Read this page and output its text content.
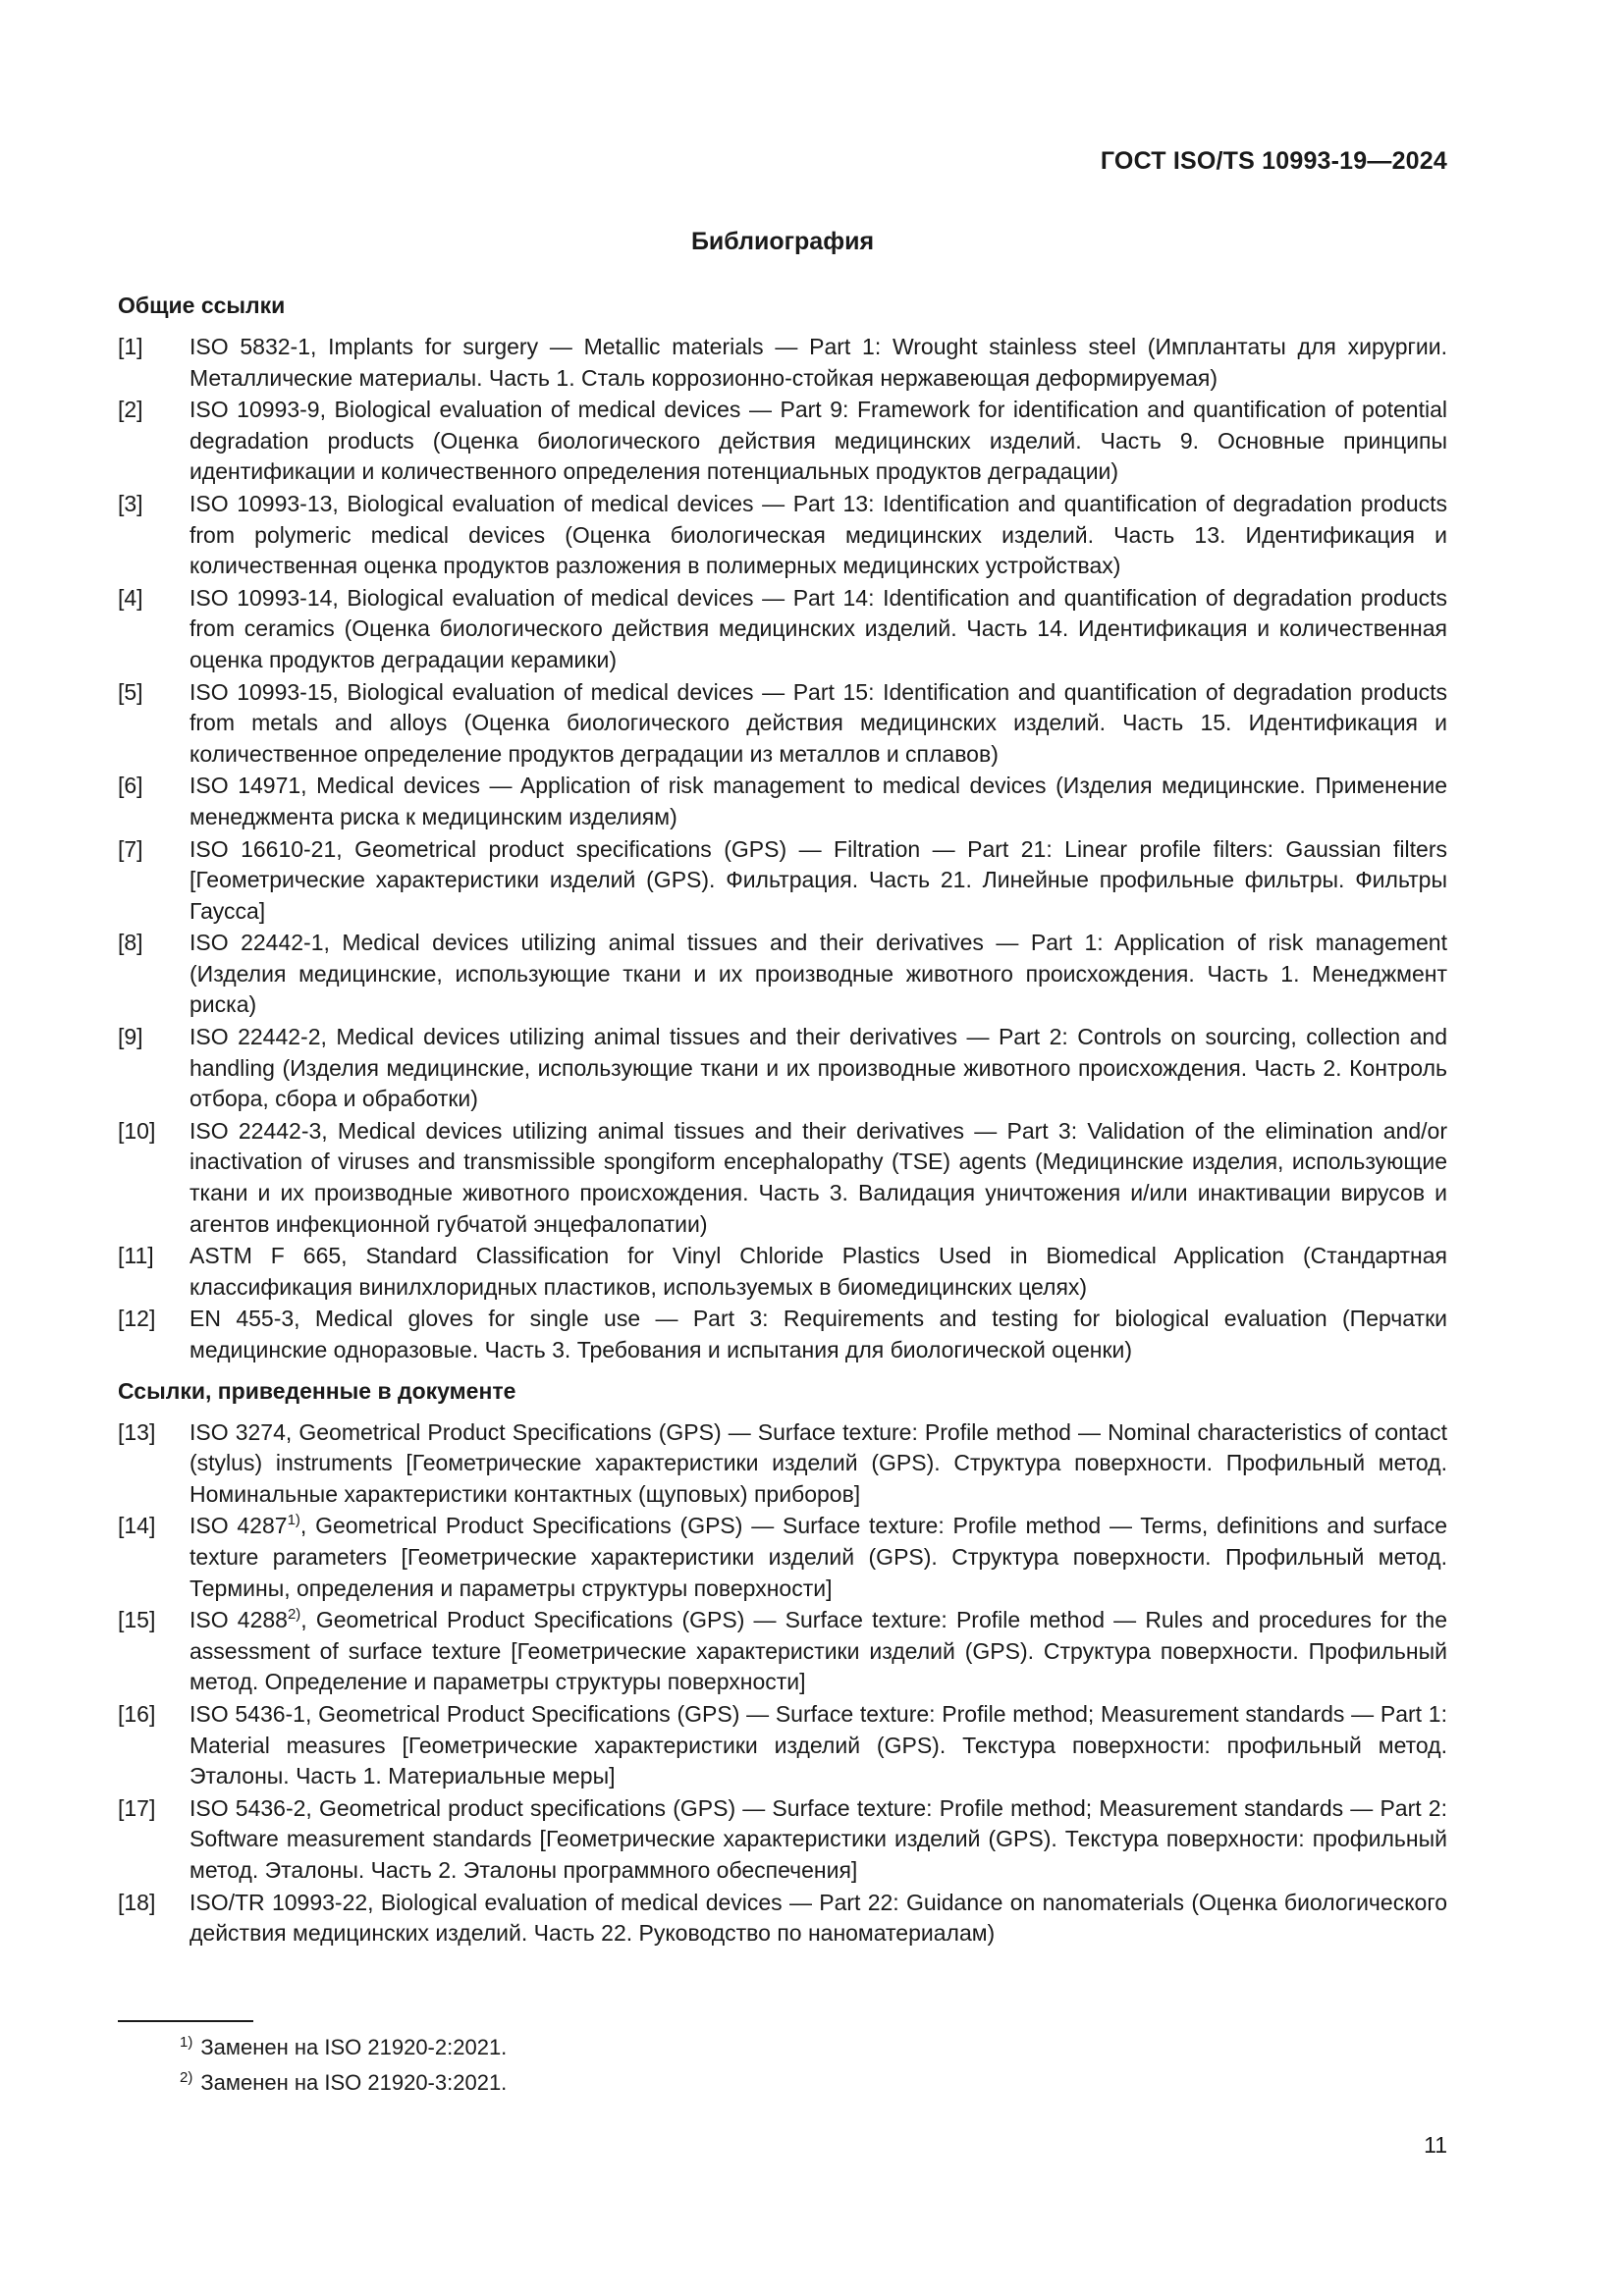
ГОСТ ISO/TS 10993-19—2024
Библиография
Общие ссылки
[1]	ISO 5832-1, Implants for surgery — Metallic materials — Part 1: Wrought stainless steel (Имплантаты для хирургии. Металлические материалы. Часть 1. Сталь коррозионно-стойкая нержавеющая деформируемая)
[2]	ISO 10993-9, Biological evaluation of medical devices — Part 9: Framework for identification and quantification of potential degradation products (Оценка биологического действия медицинских изделий. Часть 9. Основные принципы идентификации и количественного определения потенциальных продуктов деградации)
[3]	ISO 10993-13, Biological evaluation of medical devices — Part 13: Identification and quantification of degradation products from polymeric medical devices (Оценка биологическая медицинских изделий. Часть 13. Идентификация и количественная оценка продуктов разложения в полимерных медицинских устройствах)
[4]	ISO 10993-14, Biological evaluation of medical devices — Part 14: Identification and quantification of degradation products from ceramics (Оценка биологического действия медицинских изделий. Часть 14. Идентификация и количественная оценка продуктов деградации керамики)
[5]	ISO 10993-15, Biological evaluation of medical devices — Part 15: Identification and quantification of degradation products from metals and alloys (Оценка биологического действия медицинских изделий. Часть 15. Идентификация и количественное определение продуктов деградации из металлов и сплавов)
[6]	ISO 14971, Medical devices — Application of risk management to medical devices (Изделия медицинские. Применение менеджмента риска к медицинским изделиям)
[7]	ISO 16610-21, Geometrical product specifications (GPS) — Filtration — Part 21: Linear profile filters: Gaussian filters [Геометрические характеристики изделий (GPS). Фильтрация. Часть 21. Линейные профильные фильтры. Фильтры Гаусса]
[8]	ISO 22442-1, Medical devices utilizing animal tissues and their derivatives — Part 1: Application of risk management (Изделия медицинские, использующие ткани и их производные животного происхождения. Часть 1. Менеджмент риска)
[9]	ISO 22442-2, Medical devices utilizing animal tissues and their derivatives — Part 2: Controls on sourcing, collection and handling (Изделия медицинские, использующие ткани и их производные животного происхождения. Часть 2. Контроль отбора, сбора и обработки)
[10]	ISO 22442-3, Medical devices utilizing animal tissues and their derivatives — Part 3: Validation of the elimination and/or inactivation of viruses and transmissible spongiform encephalopathy (TSE) agents (Медицинские изделия, использующие ткани и их производные животного происхождения. Часть 3. Валидация уничтожения и/или инактивации вирусов и агентов инфекционной губчатой энцефалопатии)
[11]	ASTM F 665, Standard Classification for Vinyl Chloride Plastics Used in Biomedical Application (Стандартная классификация винилхлоридных пластиков, используемых в биомедицинских целях)
[12]	EN 455-3, Medical gloves for single use — Part 3: Requirements and testing for biological evaluation (Перчатки медицинские одноразовые. Часть 3. Требования и испытания для биологической оценки)
Ссылки, приведенные в документе
[13]	ISO 3274, Geometrical Product Specifications (GPS) — Surface texture: Profile method — Nominal characteristics of contact (stylus) instruments [Геометрические характеристики изделий (GPS). Структура поверхности. Профильный метод. Номинальные характеристики контактных (щуповых) приборов]
[14]	ISO 4287$^{1)}$, Geometrical Product Specifications (GPS) — Surface texture: Profile method — Terms, definitions and surface texture parameters [Геометрические характеристики изделий (GPS). Структура поверхности. Профильный метод. Термины, определения и параметры структуры поверхности]
[15]	ISO 4288$^{2)}$, Geometrical Product Specifications (GPS) — Surface texture: Profile method — Rules and procedures for the assessment of surface texture [Геометрические характеристики изделий (GPS). Структура поверхности. Профильный метод. Определение и параметры структуры поверхности]
[16]	ISO 5436-1, Geometrical Product Specifications (GPS) — Surface texture: Profile method; Measurement standards — Part 1: Material measures [Геометрические характеристики изделий (GPS). Текстура поверхности: профильный метод. Эталоны. Часть 1. Материальные меры]
[17]	ISO 5436-2, Geometrical product specifications (GPS) — Surface texture: Profile method; Measurement standards — Part 2: Software measurement standards [Геометрические характеристики изделий (GPS). Текстура поверхности: профильный метод. Эталоны. Часть 2. Эталоны программного обеспечения]
[18]	ISO/TR 10993-22, Biological evaluation of medical devices — Part 22: Guidance on nanomaterials (Оценка биологического действия медицинских изделий. Часть 22. Руководство по наноматериалам)
$^{1)}$ Заменен на ISO 21920-2:2021.
$^{2)}$ Заменен на ISO 21920-3:2021.
11
